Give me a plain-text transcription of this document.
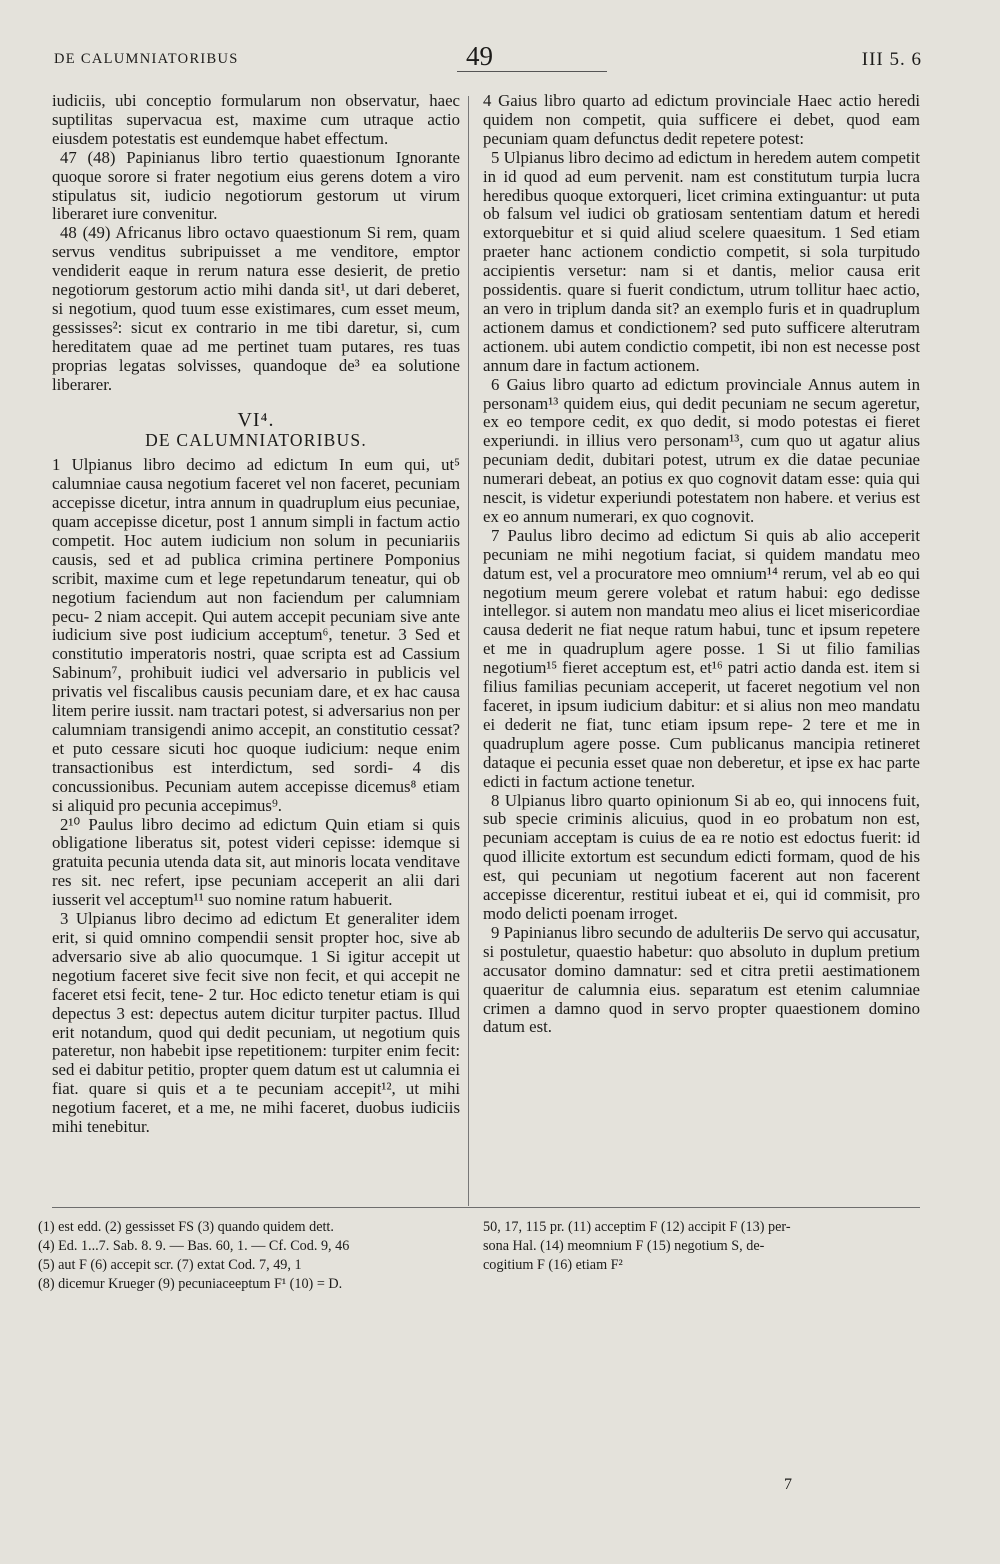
DE CALUMNIATORIBUS	49	III 5. 6

iudiciis, ubi conceptio formularum non observatur, haec suptilitas supervacua est, maxime cum utraque actio eiusdem potestatis est eundemque habet effectum.

47 (48) Papinianus libro tertio quaestionum Ignorante quoque sorore si frater negotium eius gerens dotem a viro stipulatus sit, iudicio negotiorum gestorum ut virum liberaret iure convenitur.

48 (49) Africanus libro octavo quaestionum Si rem, quam servus venditus subripuisset a me venditore, emptor vendiderit eaque in rerum natura esse desierit, de pretio negotiorum gestorum actio mihi danda sit¹, ut dari deberet, si negotium, quod tuum esse existimares, cum esset meum, gessisses²: sicut ex contrario in me tibi daretur, si, cum hereditatem quae ad me pertinet tuam putares, res tuas proprias legatas solvisses, quandoque de³ ea solutione liberarer.

VI⁴.
DE CALUMNIATORIBUS.

1 Ulpianus libro decimo ad edictum In eum qui, ut⁵ calumniae causa negotium faceret vel non faceret, pecuniam accepisse dicetur, intra annum in quadruplum eius pecuniae, quam accepisse dicetur, post 1 annum simpli in factum actio competit. Hoc autem iudicium non solum in pecuniariis causis, sed et ad publica crimina pertinere Pomponius scribit, maxime cum et lege repetundarum teneatur, qui ob negotium faciendum aut non faciendum per calumniam pecu- 2 niam accepit. Qui autem accepit pecuniam sive ante iudicium sive post iudicium acceptum⁶, tenetur. 3 Sed et constitutio imperatoris nostri, quae scripta est ad Cassium Sabinum⁷, prohibuit iudici vel adversario in publicis vel privatis vel fiscalibus causis pecuniam dare, et ex hac causa litem perire iussit. nam tractari potest, si adversarius non per calumniam transigendi animo accepit, an constitutio cessat? et puto cessare sicuti hoc quoque iudicium: neque enim transactionibus est interdictum, sed sordi- 4 dis concussionibus. Pecuniam autem accepisse dicemus⁸ etiam si aliquid pro pecunia accepimus⁹.

2¹⁰ Paulus libro decimo ad edictum Quin etiam si quis obligatione liberatus sit, potest videri cepisse: idemque si gratuita pecunia utenda data sit, aut minoris locata venditave res sit. nec refert, ipse pecuniam acceperit an alii dari iusserit vel acceptum¹¹ suo nomine ratum habuerit.

3 Ulpianus libro decimo ad edictum Et generaliter idem erit, si quid omnino compendii sensit propter hoc, sive ab adversario sive ab alio quocumque. 1 Si igitur accepit ut negotium faceret sive fecit sive non fecit, et qui accepit ne faceret etsi fecit, tene- 2 tur. Hoc edicto tenetur etiam is qui depectus 3 est: depectus autem dicitur turpiter pactus. Illud erit notandum, quod qui dedit pecuniam, ut negotium quis pateretur, non habebit ipse repetitionem: turpiter enim fecit: sed ei dabitur petitio, propter quem datum est ut calumnia ei fiat. quare si quis et a te pecuniam accepit¹², ut mihi negotium faceret, et a me, ne mihi faceret, duobus iudiciis mihi tenebitur.

4 Gaius libro quarto ad edictum provinciale Haec actio heredi quidem non competit, quia sufficere ei debet, quod eam pecuniam quam defunctus dedit repetere potest:

5 Ulpianus libro decimo ad edictum in heredem autem competit in id quod ad eum pervenit. nam est constitutum turpia lucra heredibus quoque extorqueri, licet crimina extinguantur: ut puta ob falsum vel iudici ob gratiosam sententiam datum et heredi extorquebitur et si quid aliud scelere quaesitum. 1 Sed etiam praeter hanc actionem condictio competit, si sola turpitudo accipientis versetur: nam si et dantis, melior causa erit possidentis. quare si fuerit condictum, utrum tollitur haec actio, an vero in triplum danda sit? an exemplo furis et in quadruplum actionem damus et condictionem? sed puto sufficere alterutram actionem. ubi autem condictio competit, ibi non est necesse post annum dare in factum actionem.

6 Gaius libro quarto ad edictum provinciale Annus autem in personam¹³ quidem eius, qui dedit pecuniam ne secum ageretur, ex eo tempore cedit, ex quo dedit, si modo potestas ei fieret experiundi. in illius vero personam¹³, cum quo ut agatur alius pecuniam dedit, dubitari potest, utrum ex die datae pecuniae numerari debeat, an potius ex quo cognovit datam esse: quia qui nescit, is videtur experiundi potestatem non habere. et verius est ex eo annum numerari, ex quo cognovit.

7 Paulus libro decimo ad edictum Si quis ab alio acceperit pecuniam ne mihi negotium faciat, si quidem mandatu meo datum est, vel a procuratore meo omnium¹⁴ rerum, vel ab eo qui negotium meum gerere volebat et ratum habui: ego dedisse intellegor. si autem non mandatu meo alius ei licet misericordiae causa dederit ne fiat neque ratum habui, tunc et ipsum repetere et me in quadruplum agere posse. 1 Si ut filio familias negotium¹⁵ fieret acceptum est, et¹⁶ patri actio danda est. item si filius familias pecuniam acceperit, ut faceret negotium vel non faceret, in ipsum iudicium dabitur: et si alius non meo mandatu ei dederit ne fiat, tunc etiam ipsum repe- 2 tere et me in quadruplum agere posse. Cum publicanus mancipia retineret dataque ei pecunia esset quae non deberetur, et ipse ex hac parte edicti in factum actione tenetur.

8 Ulpianus libro quarto opinionum Si ab eo, qui innocens fuit, sub specie criminis alicuius, quod in eo probatum non est, pecuniam acceptam is cuius de ea re notio est edoctus fuerit: id quod illicite extortum est secundum edicti formam, quod de his est, qui pecuniam ut negotium facerent aut non facerent accepisse dicerentur, restitui iubeat et ei, qui id commisit, pro modo delicti poenam irroget.

9 Papinianus libro secundo de adulteriis De servo qui accusatur, si postuletur, quaestio habetur: quo absoluto in duplum pretium accusator domino damnatur: sed et citra pretii aestimationem quaeritur de calumnia eius. separatum est etenim calumniae crimen a damno quod in servo propter quaestionem domino datum est.

(1) est edd. (2) gessisset FS (3) quando quidem dett.

(4) Ed. 1...7. Sab. 8. 9. — Bas. 60, 1. — Cf. Cod. 9, 46

(5) aut F (6) accepit scr. (7) extat Cod. 7, 49, 1

(8) dicemur Krueger (9) pecuniaceeptum F¹ (10) = D.

50, 17, 115 pr. (11) acceptim F (12) accipit F (13) per-

sona Hal. (14) meomnium F (15) negotium S, de-

cogitium F (16) etiam F²

7
